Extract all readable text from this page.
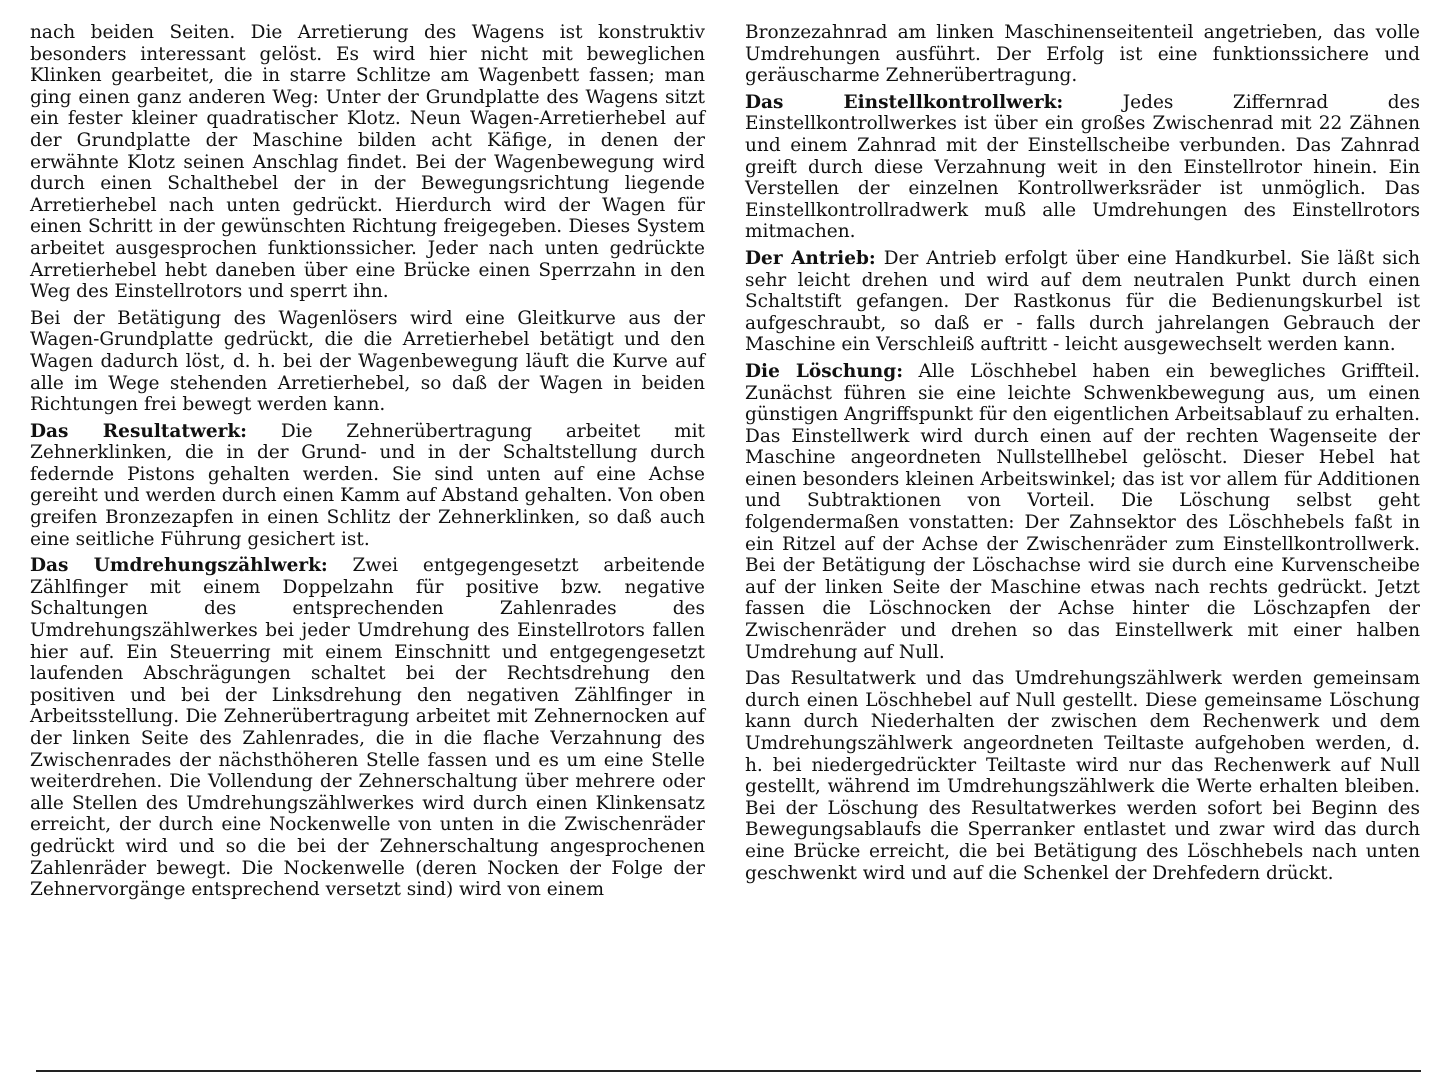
nach beiden Seiten. Die Arretierung des Wagens ist konstruktiv besonders interessant gelöst. Es wird hier nicht mit beweglichen Klinken gearbeitet, die in starre Schlitze am Wagenbett fassen; man ging einen ganz anderen Weg: Unter der Grundplatte des Wagens sitzt ein fester kleiner quadratischer Klotz. Neun Wagen-Arretierhebel auf der Grundplatte der Maschine bilden acht Käfige, in denen der erwähnte Klotz seinen Anschlag findet. Bei der Wagenbewegung wird durch einen Schalthebel der in der Bewegungsrichtung liegende Arretierhebel nach unten gedrückt. Hierdurch wird der Wagen für einen Schritt in der gewünschten Richtung freigegeben. Dieses System arbeitet ausgesprochen funktionssicher. Jeder nach unten gedrückte Arretierhebel hebt daneben über eine Brücke einen Sperrzahn in den Weg des Einstellrotors und sperrt ihn.

Bei der Betätigung des Wagenlösers wird eine Gleitkurve aus der Wagen-Grundplatte gedrückt, die die Arretierhebel betätigt und den Wagen dadurch löst, d. h. bei der Wagenbewegung läuft die Kurve auf alle im Wege stehenden Arretierhebel, so daß der Wagen in beiden Richtungen frei bewegt werden kann.

Das Resultatwerk: Die Zehnerübertragung arbeitet mit Zehnerklinken, die in der Grund- und in der Schaltstellung durch federnde Pistons gehalten werden. Sie sind unten auf eine Achse gereiht und werden durch einen Kamm auf Abstand gehalten. Von oben greifen Bronzezapfen in einen Schlitz der Zehnerklinken, so daß auch eine seitliche Führung gesichert ist.

Das Umdrehungszählwerk: Zwei entgegengesetzt arbeitende Zählfinger mit einem Doppelzahn für positive bzw. negative Schaltungen des entsprechenden Zahlenrades des Umdrehungszählwerkes bei jeder Umdrehung des Einstellrotors fallen hier auf. Ein Steuerring mit einem Einschnitt und entgegengesetzt laufenden Abschrägungen schaltet bei der Rechtsdrehung den positiven und bei der Linksdrehung den negativen Zählfinger in Arbeitsstellung. Die Zehnerübertragung arbeitet mit Zehnernocken auf der linken Seite des Zahlenrades, die in die flache Verzahnung des Zwischenrades der nächsthöheren Stelle fassen und es um eine Stelle weiterdrehen. Die Vollendung der Zehnerschaltung über mehrere oder alle Stellen des Umdrehungszählwerkes wird durch einen Klinkensatz erreicht, der durch eine Nockenwelle von unten in die Zwischenräder gedrückt wird und so die bei der Zehnerschaltung angesprochenen Zahlenräder bewegt. Die Nockenwelle (deren Nocken der Folge der Zehnervorgänge entsprechend versetzt sind) wird von einem

Bronzezahnrad am linken Maschinenseitenteil angetrieben, das volle Umdrehungen ausführt. Der Erfolg ist eine funktionssichere und geräuscharme Zehnerübertragung.

Das Einstellkontrollwerk: Jedes Ziffernrad des Einstellkontrollwerkes ist über ein großes Zwischenrad mit 22 Zähnen und einem Zahnrad mit der Einstellscheibe verbunden. Das Zahnrad greift durch diese Verzahnung weit in den Einstellrotor hinein. Ein Verstellen der einzelnen Kontrollwerksräder ist unmöglich. Das Einstellkontrollradwerk muß alle Umdrehungen des Einstellrotors mitmachen.

Der Antrieb: Der Antrieb erfolgt über eine Handkurbel. Sie läßt sich sehr leicht drehen und wird auf dem neutralen Punkt durch einen Schaltstift gefangen. Der Rastkonus für die Bedienungskurbel ist aufgeschraubt, so daß er - falls durch jahrelangen Gebrauch der Maschine ein Verschleiß auftritt - leicht ausgewechselt werden kann.

Die Löschung: Alle Löschhebel haben ein bewegliches Griffteil. Zunächst führen sie eine leichte Schwenkbewegung aus, um einen günstigen Angriffspunkt für den eigentlichen Arbeitsablauf zu erhalten. Das Einstellwerk wird durch einen auf der rechten Wagenseite der Maschine angeordneten Nullstellhebel gelöscht. Dieser Hebel hat einen besonders kleinen Arbeitswinkel; das ist vor allem für Additionen und Subtraktionen von Vorteil. Die Löschung selbst geht folgendermaßen vonstatten: Der Zahnsektor des Löschhebels faßt in ein Ritzel auf der Achse der Zwischenräder zum Einstellkontrollwerk. Bei der Betätigung der Löschachse wird sie durch eine Kurvenscheibe auf der linken Seite der Maschine etwas nach rechts gedrückt. Jetzt fassen die Löschnocken der Achse hinter die Löschzapfen der Zwischenräder und drehen so das Einstellwerk mit einer halben Umdrehung auf Null.

Das Resultatwerk und das Umdrehungszählwerk werden gemeinsam durch einen Löschhebel auf Null gestellt. Diese gemeinsame Löschung kann durch Niederhalten der zwischen dem Rechenwerk und dem Umdrehungszählwerk angeordneten Teiltaste aufgehoben werden, d. h. bei niedergedrückter Teiltaste wird nur das Rechenwerk auf Null gestellt, während im Umdrehungszählwerk die Werte erhalten bleiben. Bei der Löschung des Resultatwerkes werden sofort bei Beginn des Bewegungsablaufs die Sperranker entlastet und zwar wird das durch eine Brücke erreicht, die bei Betätigung des Löschhebels nach unten geschwenkt wird und auf die Schenkel der Drehfedern drückt.
